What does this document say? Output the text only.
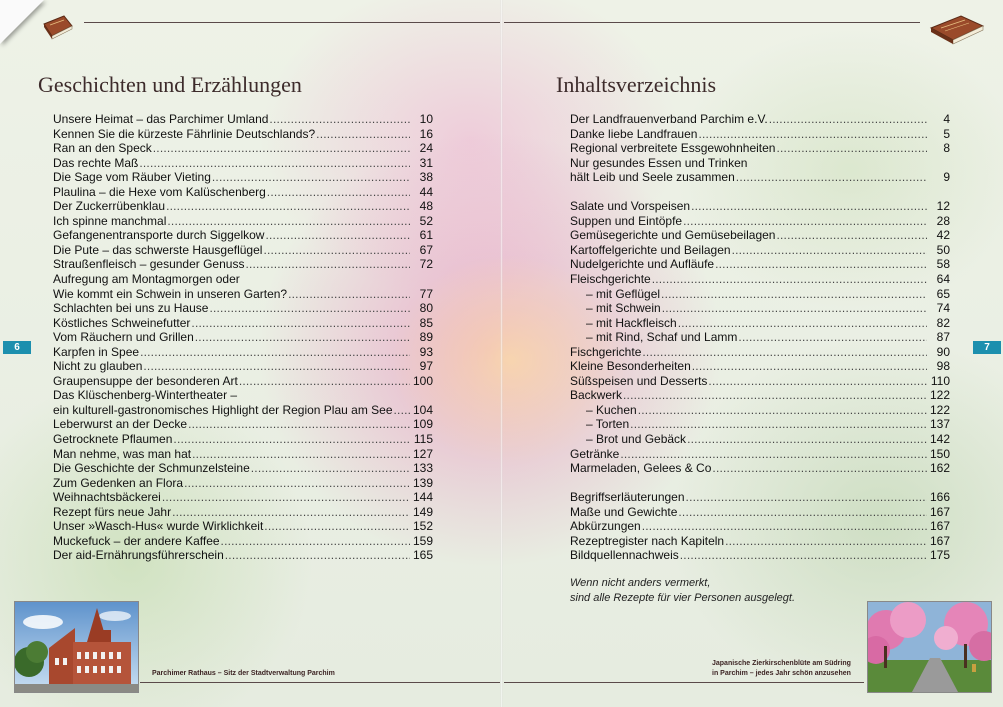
Geschichten und Erzählungen
Unsere Heimat – das Parchimer Umland .....	10
Kennen Sie die kürzeste Fährlinie Deutschlands? .....	16
Ran an den Speck .....	24
Das rechte Maß .....	31
Die Sage vom Räuber Vieting .....	38
Plaulina – die Hexe vom Kalüschenberg .....	44
Der Zuckerrübenklau .....	48
Ich spinne manchmal .....	52
Gefangenentransporte durch Siggelkow .....	61
Die Pute – das schwerste Hausgeflügel .....	67
Straußenfleisch – gesunder Genuss .....	72
Aufregung am Montagmorgen oder
Wie kommt ein Schwein in unseren Garten? .....	77
Schlachten bei uns zu Hause .....	80
Köstliches Schweinefutter .....	85
Vom Räuchern und Grillen .....	89
Karpfen in Spee .....	93
Nicht zu glauben .....	97
Graupensuppe der besonderen Art .....	100
Das Klüschenberg-Wintertheater –
ein kulturell-gastronomisches Highlight der Region Plau am See ..... 104
Leberwurst an der Decke .....	109
Getrocknete Pflaumen .....	115
Man nehme, was man hat .....	127
Die Geschichte der Schmunzelsteine .....	133
Zum Gedenken an Flora .....	139
Weihnachtsbäckerei .....	144
Rezept fürs neue Jahr .....	149
Unser »Wasch-Hus« wurde Wirklichkeit .....	152
Muckefuck – der andere Kaffee .....	159
Der aid-Ernährungsführerschein .....	165
6
Parchimer Rathaus – Sitz der Stadtverwaltung Parchim
Inhaltsverzeichnis
Der Landfrauenverband Parchim e.V. .....	4
Danke liebe Landfrauen .....	5
Regional verbreitete Essgewohnheiten .....	8
Nur gesundes Essen und Trinken
hält Leib und Seele zusammen .....	9
Salate und Vorspeisen .....	12
Suppen und Eintöpfe .....	28
Gemüsegerichte und Gemüsebeilagen .....	42
Kartoffelgerichte und Beilagen .....	50
Nudelgerichte und Aufläufe .....	58
Fleischgerichte .....	64
– mit Geflügel .....	65
– mit Schwein .....	74
– mit Hackfleisch .....	82
– mit Rind, Schaf und Lamm .....	87
Fischgerichte .....	90
Kleine Besonderheiten .....	98
Süßspeisen und Desserts .....	110
Backwerk .....	122
– Kuchen .....	122
– Torten .....	137
– Brot und Gebäck .....	142
Getränke .....	150
Marmeladen, Gelees & Co .....	162
Begriffserläuterungen .....	166
Maße und Gewichte .....	167
Abkürzungen .....	167
Rezeptregister nach Kapiteln .....	167
Bildquellennachweis .....	175
Wenn nicht anders vermerkt,
sind alle Rezepte für vier Personen ausgelegt.
7
Japanische Zierkirschenblüte am Südring
in Parchim – jedes Jahr schön anzusehen
